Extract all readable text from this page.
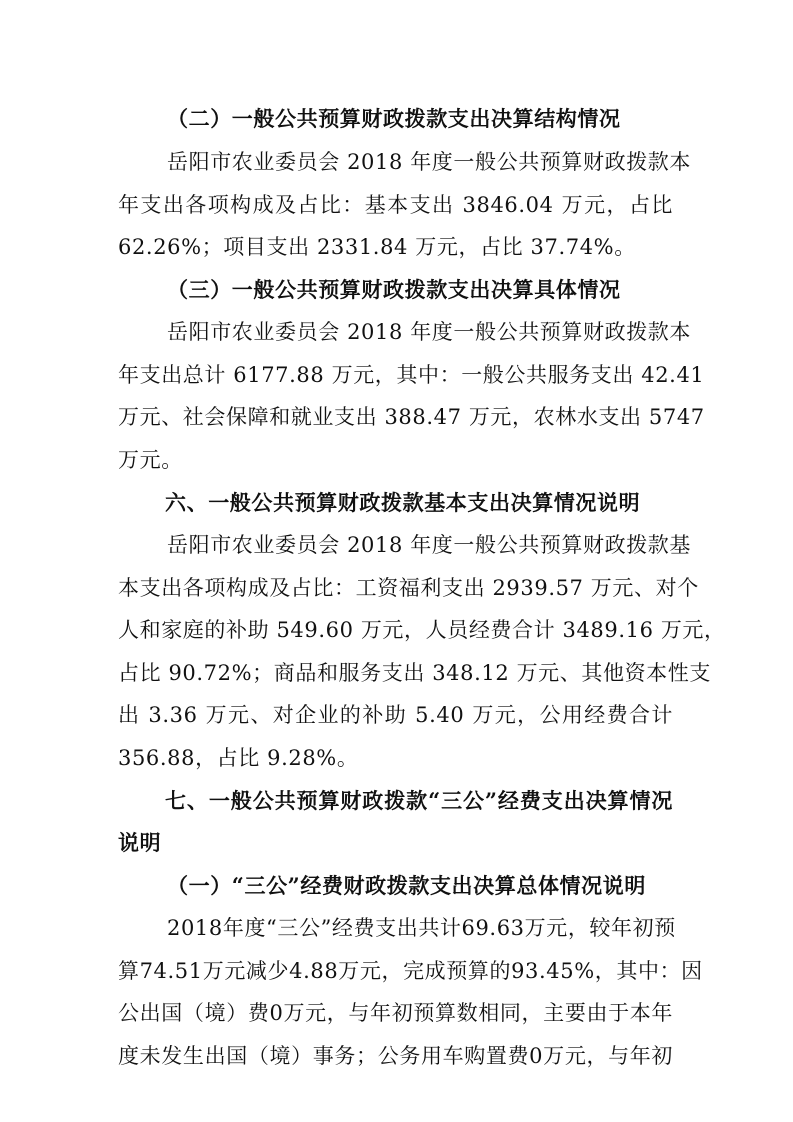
（二）一般公共预算财政拨款支出决算结构情况
岳阳市农业委员会 2018 年度一般公共预算财政拨款本
年支出各项构成及占比：基本支出 3846.04 万元，占比
62.26%；项目支出 2331.84 万元，占比 37.74%。
（三）一般公共预算财政拨款支出决算具体情况
岳阳市农业委员会 2018 年度一般公共预算财政拨款本
年支出总计 6177.88 万元，其中：一般公共服务支出 42.41
万元、社会保障和就业支出 388.47 万元，农林水支出 5747
万元。
六、一般公共预算财政拨款基本支出决算情况说明
岳阳市农业委员会 2018 年度一般公共预算财政拨款基
本支出各项构成及占比：工资福利支出 2939.57 万元、对个
人和家庭的补助 549.60 万元，人员经费合计 3489.16 万元，
占比 90.72%；商品和服务支出 348.12 万元、其他资本性支
出 3.36 万元、对企业的补助 5.40 万元，公用经费合计
356.88，占比 9.28%。
七、一般公共预算财政拨款“三公”经费支出决算情况
说明
（一）“三公”经费财政拨款支出决算总体情况说明
2018年度“三公”经费支出共计69.63万元，较年初预
算74.51万元减少4.88万元，完成预算的93.45%，其中：因
公出国（境）费0万元，与年初预算数相同，主要由于本年
度未发生出国（境）事务；公务用车购置费0万元，与年初
